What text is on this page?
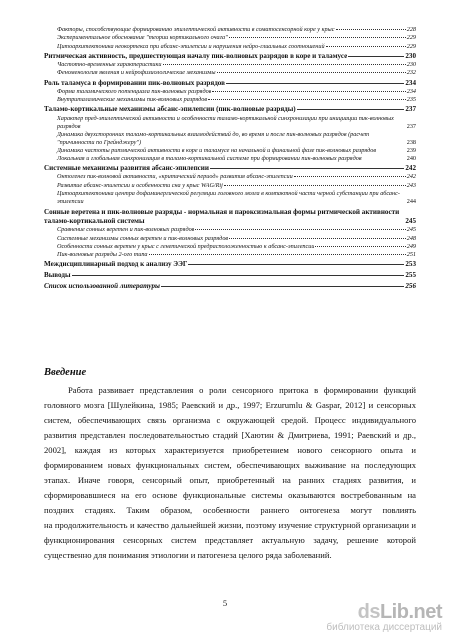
Факторы, способствующие формированию эпилептической активности в соматосенсорной коре у крыс	228
Экспериментальное обоснование "теории кортикального очага"	229
Цитоархитектоника неокортекса при абсанс-эпилепсии и нарушения нейро-глиальных соотношений	229
Ритмическая активность, предшествующая началу пик-волновых разрядов в коре и таламусе	230
Частотно-временные характеристики	230
Феноменология явления и нейрофизиологические механизмы	232
Роль таламуса в формировании пик-волновых разрядов	234
Форма таламического потенциала пик-волновых разрядов	234
Внутриталамические механизмы пик-волновых разрядов	235
Таламо-кортикальные механизмы абсанс-эпилепсии (пик-волновые разряды)	237
Характер пред-эпилептической активности и особенности таламо-кортикальной синхронизации при инициации пик-волновых разрядов	237
Динамика двухсторонних таламо-кортикальных взаимодействий до, во время и после пик-волновых разрядов (расчет "причинности по Грейнджеру")	238
Динамика частоты ритмической активности в коре и таламусе на начальной и финальной фазе пик-волновых разрядов	239
Локальная и глобальная синхронизация в таламо-кортикальной системе при формировании пик-волновых разрядов	240
Системные механизмы развития абсанс-эпилепсии	242
Онтогенез пик-волновой активности, «критический период» развития абсанс-эпилепсии	242
Развитие абсанс-эпилепсии и особенности сна у крыс WAG/Rij	243
Цитоархитектоника центра дофаминергической регуляции головного мозга в компактной части черной субстанции при абсанс-эпилепсии	244
Сонные веретена и пик-волновые разряды - нормальная и пароксизмальная формы ритмической активности таламо-кортикальной системы	245
Сравнение сонных веретен и пик-волновых разрядов	245
Системные механизмы сонных веретен и пик-волновых разрядов	248
Особенности сонных веретен у крыс с генетической предрасположенностью к абсанс-эпилепсии	249
Пик-волновые разряды 2-ого типа	251
Междисциплинарный подход к анализу ЭЭГ	253
Выводы	255
Список использованной литературы	256
Введение
Работа развивает представления о роли сенсорного притока в формировании функций
головного мозга [Шулейкина, 1985; Раевский и др., 1997; Erzurumlu & Gaspar, 2012] и сенсорных
систем, обеспечивающих связь организма с окружающей средой. Процесс индивидуального
развития представлен последовательностью стадий [Хаютин & Дмитриева, 1991; Раевский и др.,
2002], каждая из которых характеризуется приобретением нового сенсорного опыта и
формированием новых функциональных систем, обеспечивающих выживание на последующих
этапах. Иначе говоря, сенсорный опыт, приобретенный на ранних стадиях развития, и
сформировавшиеся на его основе функциональные системы оказываются востребованным на
поздних стадиях. Таким образом, особенности раннего онтогенеза могут повлиять
на продолжительность и качество дальнейшей жизни, поэтому изучение структурной организации и
функционирования сенсорных систем представляет актуальную задачу, решение которой
существенно для понимания этиологии и патогенеза целого ряда заболеваний.
5	dsLib.net
библиотека диссертаций
